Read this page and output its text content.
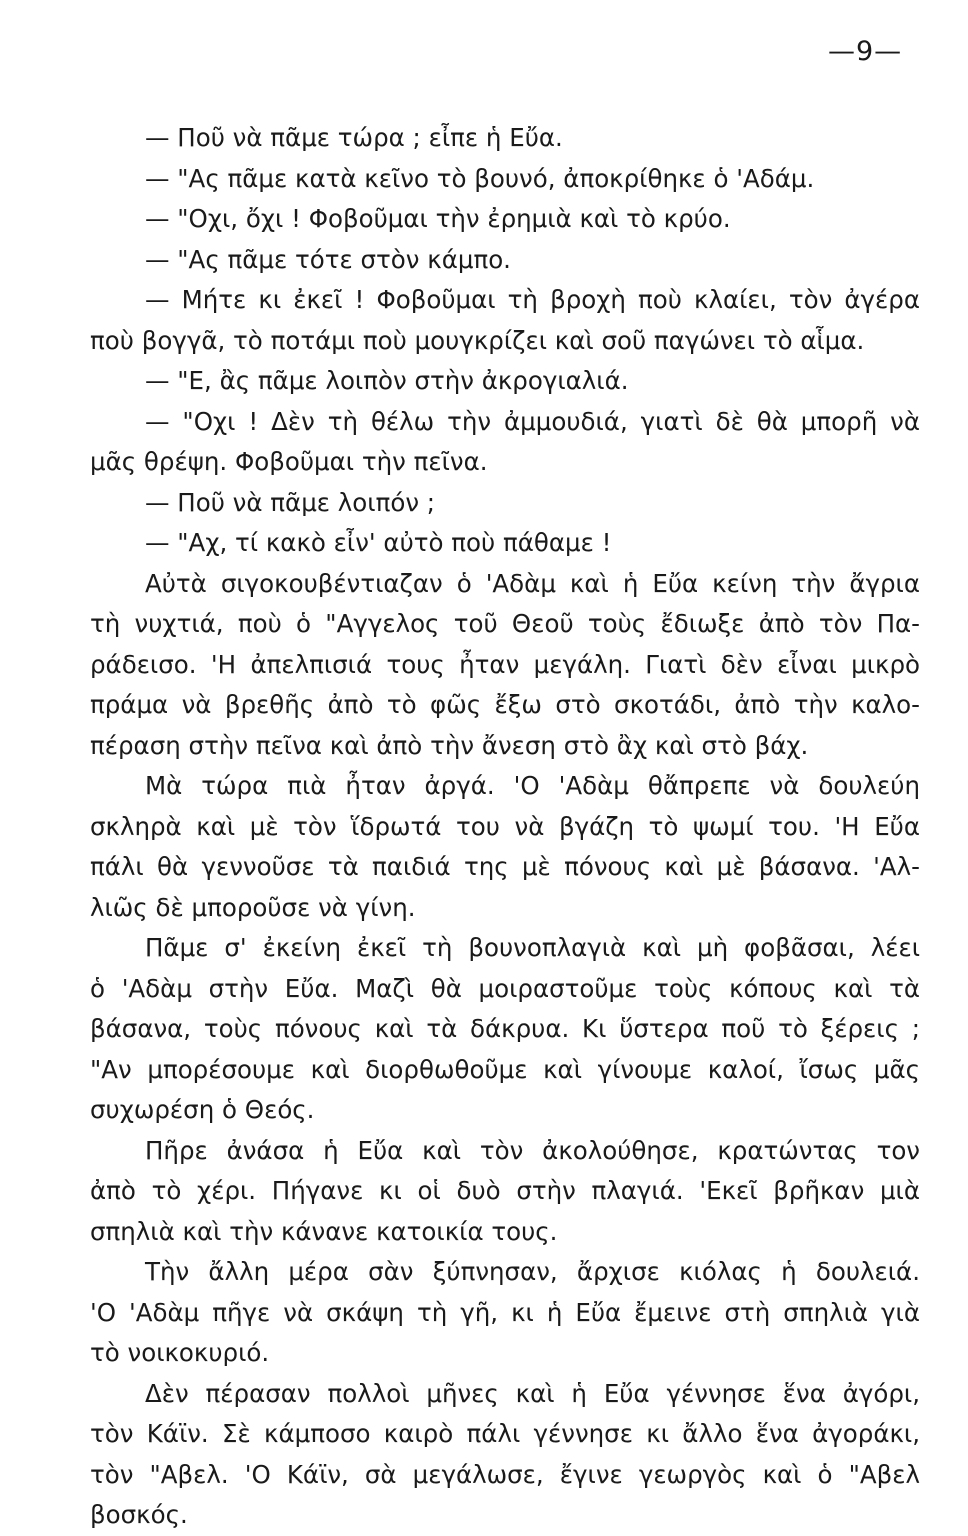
—9—
— Ποῦ νὰ πᾶμε τώρα ; εἶπε ἡ Εὔα.
— "Ας πᾶμε κατὰ κεῖνο τὸ βουνό, ἀποκρίθηκε ὁ 'Αδάμ.
— "Οχι, ὄχι ! Φοβοῦμαι τὴν ἐρημιὰ καὶ τὸ κρύο.
— "Ας πᾶμε τότε στὸν κάμπο.
— Μήτε κι ἐκεῖ ! Φοβοῦμαι τὴ βροχὴ ποὺ κλαίει, τὸν ἀγέρα
ποὺ βογγᾶ, τὸ ποτάμι ποὺ μουγκρίζει καὶ σοῦ παγώνει τὸ αἷμα.
— "Ε, ἂς πᾶμε λοιπὸν στὴν ἀκρογιαλιά.
— "Οχι ! Δὲν τὴ θέλω τὴν ἀμμουδιά, γιατὶ δὲ θὰ μπορῆ νὰ
μᾶς θρέψη. Φοβοῦμαι τὴν πεῖνα.
— Ποῦ νὰ πᾶμε λοιπόν ;
— "Αχ, τί κακὸ εἶν' αὐτὸ ποὺ πάθαμε !
Αὐτὰ σιγοκουβέντιαζαν ὁ 'Αδὰμ καὶ ἡ Εὔα κείνη τὴν ἄγρια
τὴ νυχτιά, ποὺ ὁ "Αγγελος τοῦ Θεοῦ τοὺς ἔδιωξε ἀπὸ τὸν Πα-
ράδεισο. 'Η ἀπελπισιά τους ἦταν μεγάλη. Γιατὶ δὲν εἶναι μικρὸ
πράμα νὰ βρεθῆς ἀπὸ τὸ φῶς ἔξω στὸ σκοτάδι, ἀπὸ τὴν καλο-
πέραση στὴν πεῖνα καὶ ἀπὸ τὴν ἄνεση στὸ ἂχ καὶ στὸ βάχ.
Μὰ τώρα πιὰ ἦταν ἀργά. 'Ο 'Αδὰμ θἄπρεπε νὰ δουλεύη
σκληρὰ καὶ μὲ τὸν ἵδρωτά του νὰ βγάζη τὸ ψωμί του. 'Η Εὔα
πάλι θὰ γεννοῦσε τὰ παιδιά της μὲ πόνους καὶ μὲ βάσανα. 'Αλ-
λιῶς δὲ μποροῦσε νὰ γίνη.
Πᾶμε σ' ἐκείνη ἐκεῖ τὴ βουνοπλαγιὰ καὶ μὴ φοβᾶσαι, λέει
ὁ 'Αδὰμ στὴν Εὔα. Μαζὶ θὰ μοιραστοῦμε τοὺς κόπους καὶ τὰ
βάσανα, τοὺς πόνους καὶ τὰ δάκρυα. Κι ὕστερα ποῦ τὸ ξέρεις ;
"Αν μπορέσουμε καὶ διορθωθοῦμε καὶ γίνουμε καλοί, ἴσως μᾶς
συχωρέση ὁ Θεός.
Πῆρε ἀνάσα ἡ Εὔα καὶ τὸν ἀκολούθησε, κρατώντας τον
ἀπὸ τὸ χέρι. Πήγανε κι οἱ δυὸ στὴν πλαγιά. 'Εκεῖ βρῆκαν μιὰ
σπηλιὰ καὶ τὴν κάνανε κατοικία τους.
Τὴν ἄλλη μέρα σὰν ξύπνησαν, ἄρχισε κιόλας ἡ δουλειά.
'Ο 'Αδὰμ πῆγε νὰ σκάψη τὴ γῆ, κι ἡ Εὔα ἔμεινε στὴ σπηλιὰ γιὰ
τὸ νοικοκυριό.
Δὲν πέρασαν πολλοὶ μῆνες καὶ ἡ Εὔα γέννησε ἕνα ἀγόρι,
τὸν Κάϊν. Σὲ κάμποσο καιρὸ πάλι γέννησε κι ἄλλο ἕνα ἀγοράκι,
τὸν "Αβελ. 'Ο Κάϊν, σὰ μεγάλωσε, ἔγινε γεωργὸς καὶ ὁ "Αβελ
βοσκός.
